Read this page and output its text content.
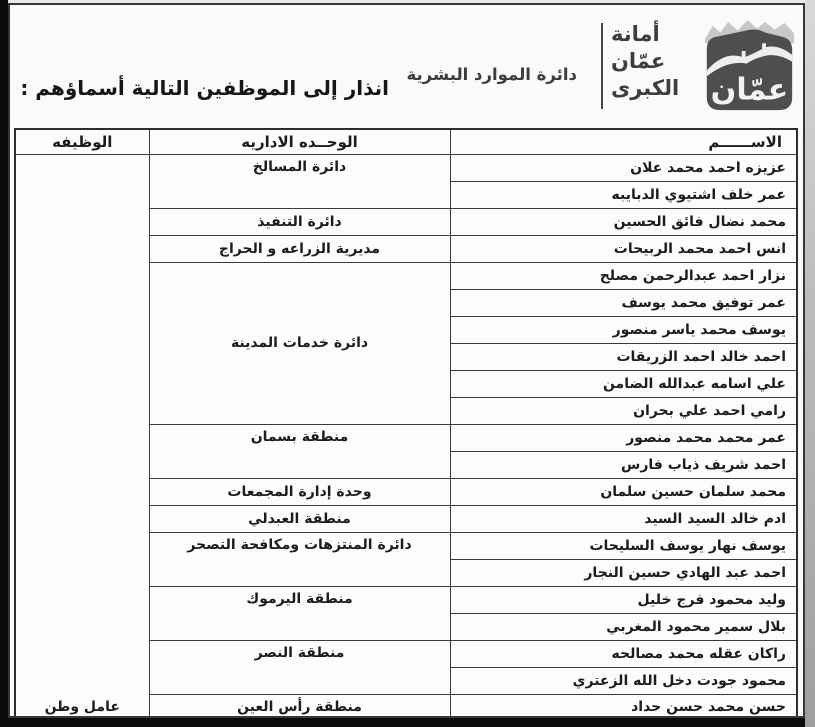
عمّان
أمانة
عمّان
الكبرى
دائرة الموارد البشرية
انذار إلى الموظفين التالية أسماؤهم :
الاســــــم	الوحــده الاداريه	الوظيفه
عزيزه احمد محمد علان	دائرة المسالخ	عامل وطن
عمر خلف اشتيوي الدبايبه		
محمد نضال فائق الحسين	دائرة التنفيذ	
انس احمد محمد الربيحات	مديرية الزراعه و الحراج	
نزار احمد عبدالرحمن مصلح	دائرة خدمات المدينة	
عمر توفيق محمد يوسف		
يوسف محمد ياسر منصور		
احمد خالد احمد الزريقات		
علي اسامه عبدالله الضامن		
رامي احمد علي بحران		
عمر محمد محمد منصور	منطقة بسمان	
احمد شريف ذياب فارس		
محمد سلمان حسين سلمان	وحدة إدارة المجمعات	
ادم خالد السيد السيد	منطقة العبدلي	
يوسف نهار يوسف السليحات	دائرة المنتزهات ومكافحة التصحر	
احمد عبد الهادي حسين النجار		
وليد محمود فرج خليل	منطقة اليرموك	
بلال سمير محمود المغربي		
راكان عقله محمد مصالحه	منطقة النصر	
محمود جودت دخل الله الزعتري		
حسن محمد حسن حداد	منطقة رأس العين	
